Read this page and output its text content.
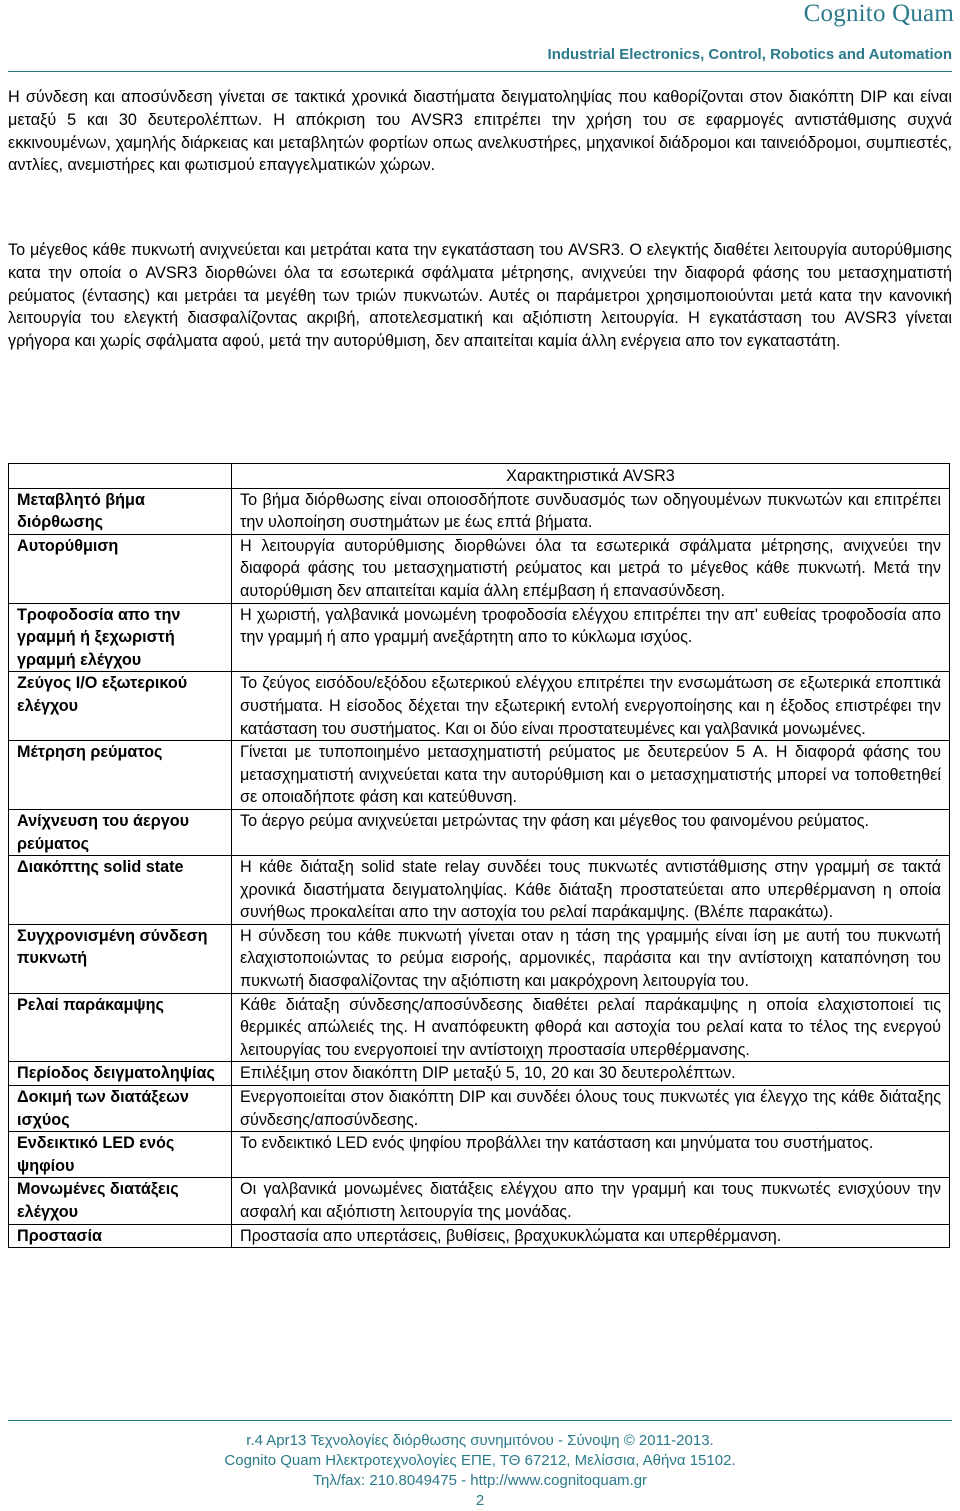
Cognito Quam
Industrial Electronics, Control, Robotics and Automation

Η σύνδεση και αποσύνδεση γίνεται σε τακτικά χρονικά διαστήματα δειγματοληψίας που καθορίζονται στον διακόπτη DIP και είναι μεταξύ 5 και 30 δευτερολέπτων. Η απόκριση του AVSR3 επιτρέπει την χρήση του σε εφαρμογές αντιστάθμισης συχνά εκκινουμένων, χαμηλής διάρκειας και μεταβλητών φορτίων οπως ανελκυστήρες, μηχανικοί διάδρομοι και ταινειόδρομοι, συμπιεστές, αντλίες, ανεμιστήρες και φωτισμού επαγγελματικών χώρων.

Το μέγεθος κάθε πυκνωτή ανιχνεύεται και μετράται κατα την εγκατάσταση του AVSR3. Ο ελεγκτής διαθέτει λειτουργία αυτορύθμισης κατα την οποία ο AVSR3 διορθώνει όλα τα εσωτερικά σφάλματα μέτρησης, ανιχνεύει την διαφορά φάσης του μετασχηματιστή ρεύματος (έντασης) και μετράει τα μεγέθη των τριών πυκνωτών. Αυτές οι παράμετροι χρησιμοποιούνται μετά κατα την κανονική λειτουργία του ελεγκτή διασφαλίζοντας ακριβή, αποτελεσματική και αξιόπιστη λειτουργία. Η εγκατάσταση του AVSR3 γίνεται γρήγορα και χωρίς σφάλματα αφού, μετά την αυτορύθμιση, δεν απαιτείται καμία άλλη ενέργεια απο τον εγκαταστάτη.

	Χαρακτηριστικά AVSR3
Μεταβλητό βήμα διόρθωσης	Το βήμα διόρθωσης είναι οποιοσδήποτε συνδυασμός των οδηγουμένων πυκνωτών και επιτρέπει την υλοποίηση συστημάτων με έως επτά βήματα.
Αυτορύθμιση	Η λειτουργία αυτορύθμισης διορθώνει όλα τα εσωτερικά σφάλματα μέτρησης, ανιχνεύει την διαφορά φάσης του μετασχηματιστή ρεύματος και μετρά το μέγεθος κάθε πυκνωτή. Μετά την αυτορύθμιση δεν απαιτείται καμία άλλη επέμβαση ή επανασύνδεση.
Τροφοδοσία απο την γραμμή ή ξεχωριστή γραμμή ελέγχου	Η χωριστή, γαλβανικά μονωμένη τροφοδοσία ελέγχου επιτρέπει την απ' ευθείας τροφοδοσία απο την γραμμή ή απο γραμμή ανεξάρτητη απο το κύκλωμα ισχύος.
Ζεύγος I/O εξωτερικού ελέγχου	Το ζεύγος εισόδου/εξόδου εξωτερικού ελέγχου επιτρέπει την ενσωμάτωση σε εξωτερικά εποπτικά συστήματα. Η είσοδος δέχεται την εξωτερική εντολή ενεργοποίησης και η έξοδος επιστρέφει την κατάσταση του συστήματος. Και οι δύο είναι προστατευμένες και γαλβανικά μονωμένες.
Μέτρηση ρεύματος	Γίνεται με τυποποιημένο μετασχηματιστή ρεύματος με δευτερεύον 5 A. Η διαφορά φάσης του μετασχηματιστή ανιχνεύεται κατα την αυτορύθμιση και ο μετασχηματιστής μπορεί να τοποθετηθεί σε οποιαδήποτε φάση και κατεύθυνση.
Ανίχνευση του άεργου ρεύματος	Το άεργο ρεύμα ανιχνεύεται μετρώντας την φάση και μέγεθος του φαινομένου ρεύματος.
Διακόπτης solid state	Η κάθε διάταξη solid state relay συνδέει τους πυκνωτές αντιστάθμισης στην γραμμή σε τακτά χρονικά διαστήματα δειγματοληψίας. Κάθε διάταξη προστατεύεται απο υπερθέρμανση η οποία συνήθως προκαλείται απο την αστοχία του ρελαί παράκαμψης. (Βλέπε παρακάτω).
Συγχρονισμένη σύνδεση πυκνωτή	Η σύνδεση του κάθε πυκνωτή γίνεται οταν η τάση της γραμμής είναι ίση με αυτή του πυκνωτή ελαχιστοποιώντας το ρεύμα εισροής, αρμονικές, παράσιτα και την αντίστοιχη καταπόνηση του πυκνωτή διασφαλίζοντας την αξιόπιστη και μακρόχρονη λειτουργία του.
Ρελαί παράκαμψης	Κάθε διάταξη σύνδεσης/αποσύνδεσης διαθέτει ρελαί παράκαμψης η οποία ελαχιστοποιεί τις θερμικές απώλειές της. Η αναπόφευκτη φθορά και αστοχία του ρελαί κατα το τέλος της ενεργού λειτουργίας του ενεργοποιεί την αντίστοιχη προστασία υπερθέρμανσης.
Περίοδος δειγματοληψίας	Επιλέξιμη στον διακόπτη DIP μεταξύ 5, 10, 20 και 30 δευτερολέπτων.
Δοκιμή των διατάξεων ισχύος	Ενεργοποιείται στον διακόπτη DIP και συνδέει όλους τους πυκνωτές για έλεγχο της κάθε διάταξης σύνδεσης/αποσύνδεσης.
Ενδεικτικό LED ενός ψηφίου	Το ενδεικτικό LED ενός ψηφίου προβάλλει την κατάσταση και μηνύματα του συστήματος.
Μονωμένες διατάξεις ελέγχου	Οι γαλβανικά μονωμένες διατάξεις ελέγχου απο την γραμμή και τους πυκνωτές ενισχύουν την ασφαλή και αξιόπιστη λειτουργία της μονάδας.
Προστασία	Προστασία απο υπερτάσεις, βυθίσεις, βραχυκυκλώματα και υπερθέρμανση.
r.4 Apr13 Τεχνολογίες διόρθωσης συνημιτόνου - Σύνοψη © 2011-2013.
Cognito Quam Ηλεκτροτεχνολογίες ΕΠΕ, ΤΘ 67212, Μελίσσια, Αθήνα 15102.
Τηλ/fax: 210.8049475 - http://www.cognitoquam.gr
2
